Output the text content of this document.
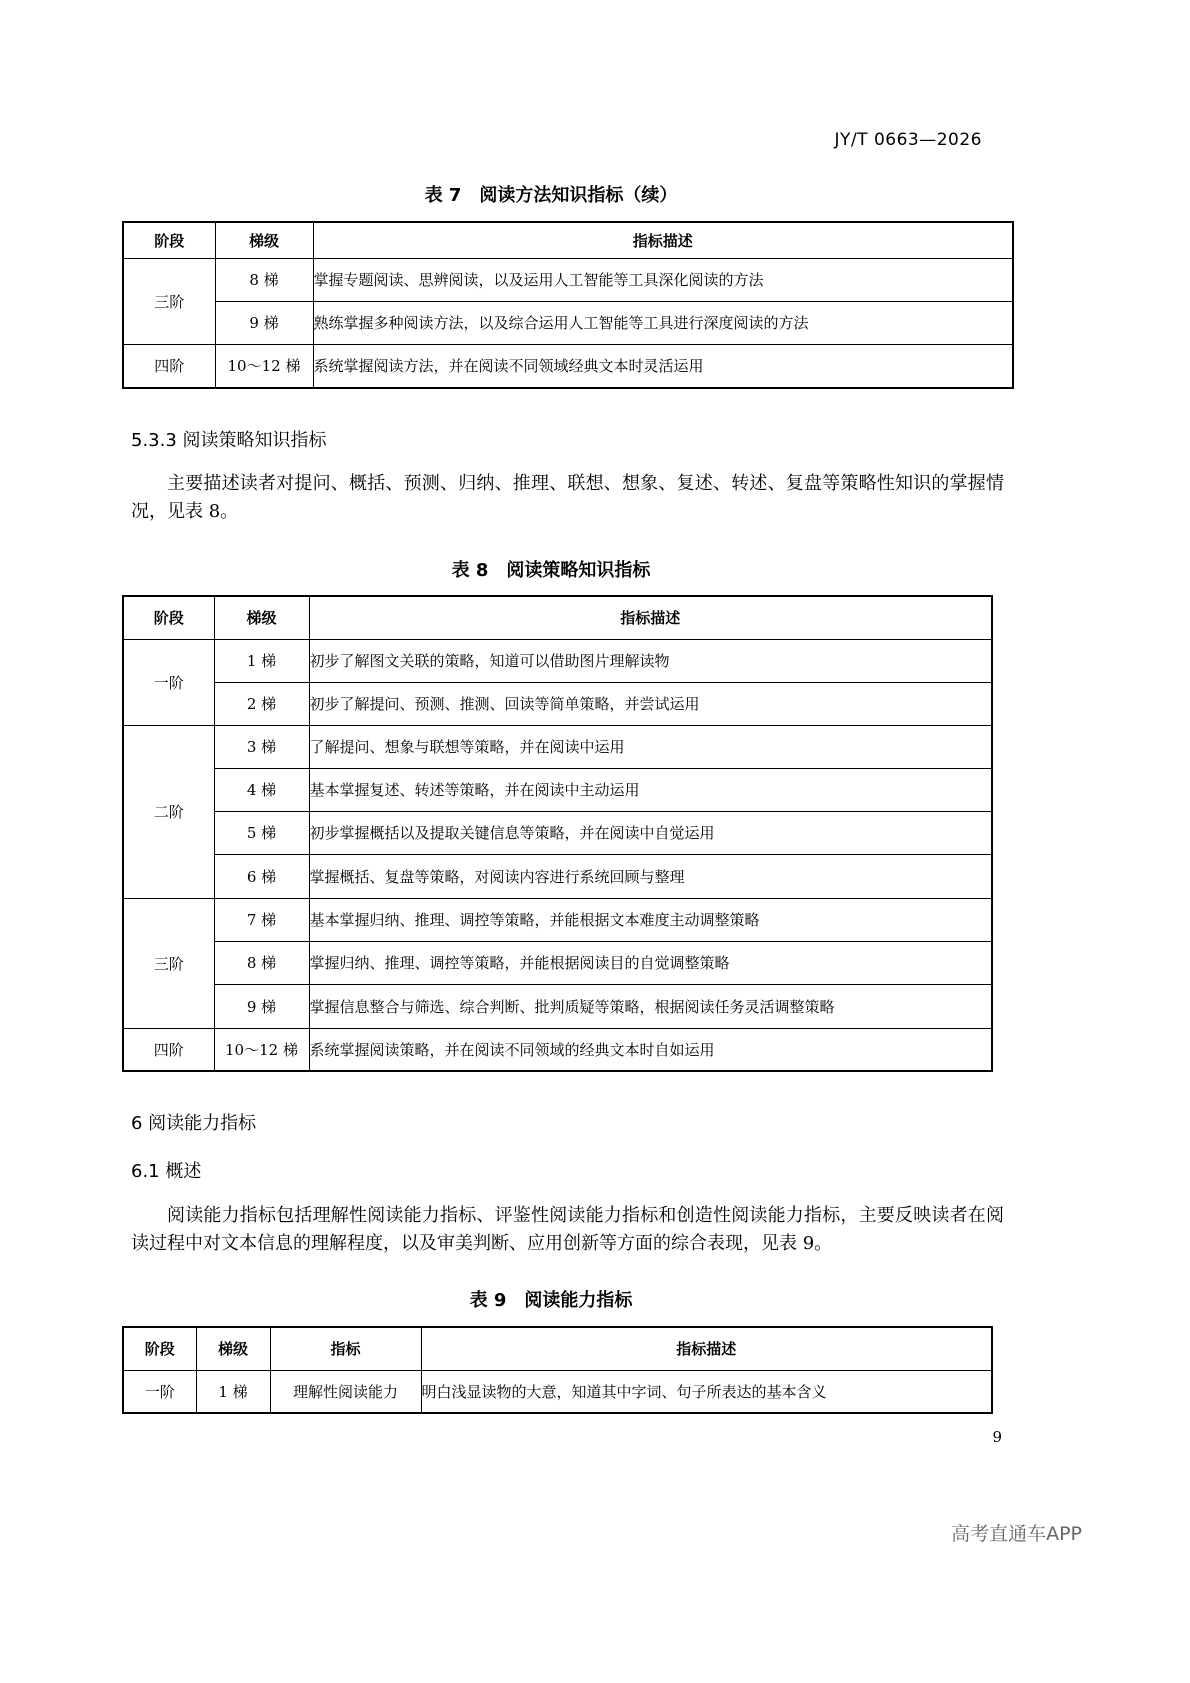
JY/T 0663—2026
表 7　阅读方法知识指标（续）
阶段	梯级	指标描述
三阶	8 梯	掌握专题阅读、思辨阅读，以及运用人工智能等工具深化阅读的方法
	9 梯	熟练掌握多种阅读方法，以及综合运用人工智能等工具进行深度阅读的方法
四阶	10～12 梯	系统掌握阅读方法，并在阅读不同领域经典文本时灵活运用
5.3.3 阅读策略知识指标
主要描述读者对提问、概括、预测、归纳、推理、联想、想象、复述、转述、复盘等策略性知识的掌握情况，见表 8。
表 8　阅读策略知识指标
阶段	梯级	指标描述
一阶	1 梯	初步了解图文关联的策略，知道可以借助图片理解读物
	2 梯	初步了解提问、预测、推测、回读等简单策略，并尝试运用
二阶	3 梯	了解提问、想象与联想等策略，并在阅读中运用
	4 梯	基本掌握复述、转述等策略，并在阅读中主动运用
	5 梯	初步掌握概括以及提取关键信息等策略，并在阅读中自觉运用
	6 梯	掌握概括、复盘等策略，对阅读内容进行系统回顾与整理
三阶	7 梯	基本掌握归纳、推理、调控等策略，并能根据文本难度主动调整策略
	8 梯	掌握归纳、推理、调控等策略，并能根据阅读目的自觉调整策略
	9 梯	掌握信息整合与筛选、综合判断、批判质疑等策略，根据阅读任务灵活调整策略
四阶	10～12 梯	系统掌握阅读策略，并在阅读不同领域的经典文本时自如运用
6 阅读能力指标
6.1 概述
阅读能力指标包括理解性阅读能力指标、评鉴性阅读能力指标和创造性阅读能力指标，主要反映读者在阅读过程中对文本信息的理解程度，以及审美判断、应用创新等方面的综合表现，见表 9。
表 9　阅读能力指标
阶段	梯级	指标	指标描述
一阶	1 梯	理解性阅读能力	明白浅显读物的大意，知道其中字词、句子所表达的基本含义
9
高考直通车APP
